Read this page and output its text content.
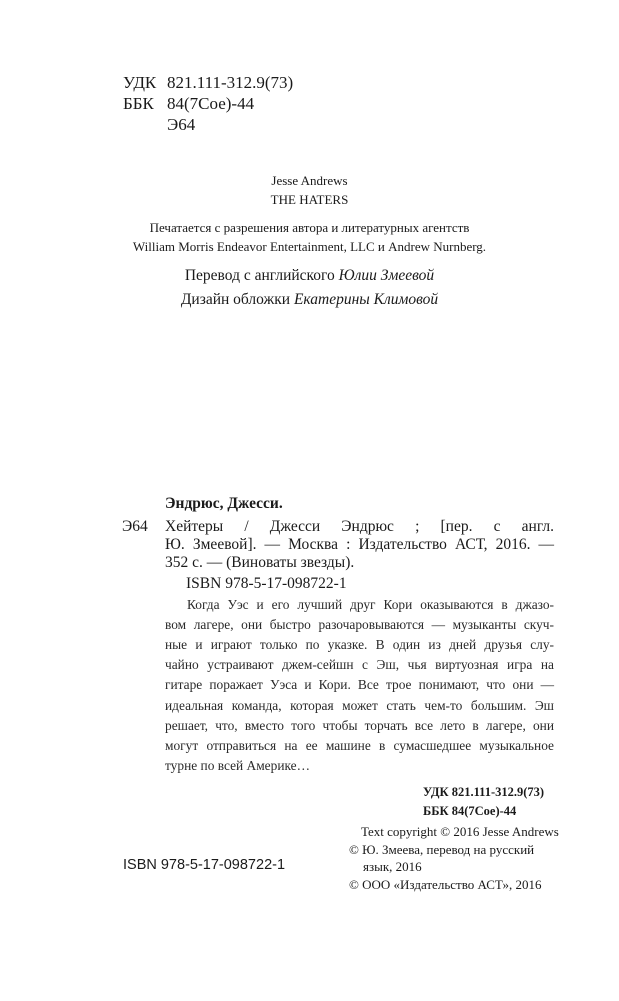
УДК 821.111-312.9(73)
ББК 84(7Сое)-44
Э64
Jesse Andrews
THE HATERS
Печатается с разрешения автора и литературных агентств
William Morris Endeavor Entertainment, LLC и Andrew Nurnberg.
Перевод с английского Юлии Змеевой
Дизайн обложки Екатерины Климовой
Эндрюс, Джесси.
Э64 Хейтеры / Джесси Эндрюс ; [пер. с англ.
Ю. Змеевой]. — Москва : Издательство АСТ, 2016. —
352 с. — (Виноваты звезды).
ISBN 978-5-17-098722-1
Когда Уэс и его лучший друг Кори оказываются в джазо-
вом лагере, они быстро разочаровываются — музыканты скуч-
ные и играют только по указке. В один из дней друзья слу-
чайно устраивают джем-сейшн с Эш, чья виртуозная игра на
гитаре поражает Уэса и Кори. Все трое понимают, что они —
идеальная команда, которая может стать чем-то большим. Эш
решает, что, вместо того чтобы торчать все лето в лагере, они
могут отправиться на ее машине в сумасшедшее музыкальное
турне по всей Америке…
УДК 821.111-312.9(73)
ББК 84(7Сое)-44
Text copyright © 2016 Jesse Andrews
© Ю. Змеева, перевод на русский
язык, 2016
© ООО «Издательство АСТ», 2016
ISBN 978-5-17-098722-1
